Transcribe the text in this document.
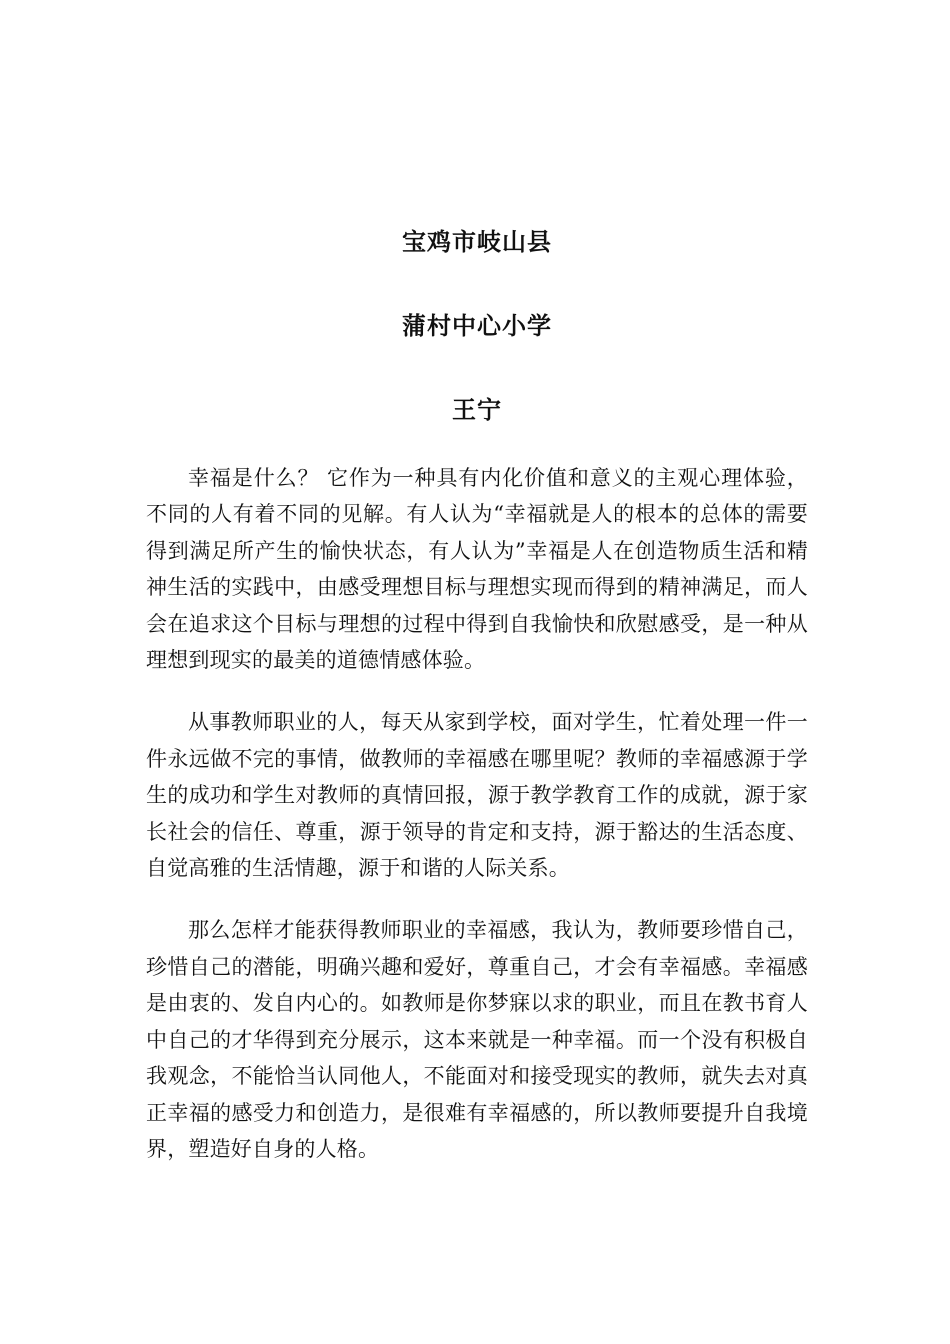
宝鸡市岐山县
蒲村中心小学
王宁

幸福是什么？ 它作为一种具有内化价值和意义的主观心理体验，不同的人有着不同的见解。有人认为“幸福就是人的根本的总体的需要得到满足所产生的愉快状态，有人认为”幸福是人在创造物质生活和精神生活的实践中，由感受理想目标与理想实现而得到的精神满足，而人会在追求这个目标与理想的过程中得到自我愉快和欣慰感受，是一种从理想到现实的最美的道德情感体验。

从事教师职业的人，每天从家到学校，面对学生，忙着处理一件一件永远做不完的事情，做教师的幸福感在哪里呢？教师的幸福感源于学生的成功和学生对教师的真情回报，源于教学教育工作的成就，源于家长社会的信任、尊重，源于领导的肯定和支持，源于豁达的生活态度、自觉高雅的生活情趣，源于和谐的人际关系。

那么怎样才能获得教师职业的幸福感，我认为，教师要珍惜自己，珍惜自己的潜能，明确兴趣和爱好，尊重自己，才会有幸福感。幸福感是由衷的、发自内心的。如教师是你梦寐以求的职业，而且在教书育人中自己的才华得到充分展示，这本来就是一种幸福。而一个没有积极自我观念，不能恰当认同他人，不能面对和接受现实的教师，就失去对真正幸福的感受力和创造力，是很难有幸福感的，所以教师要提升自我境界，塑造好自身的人格。
